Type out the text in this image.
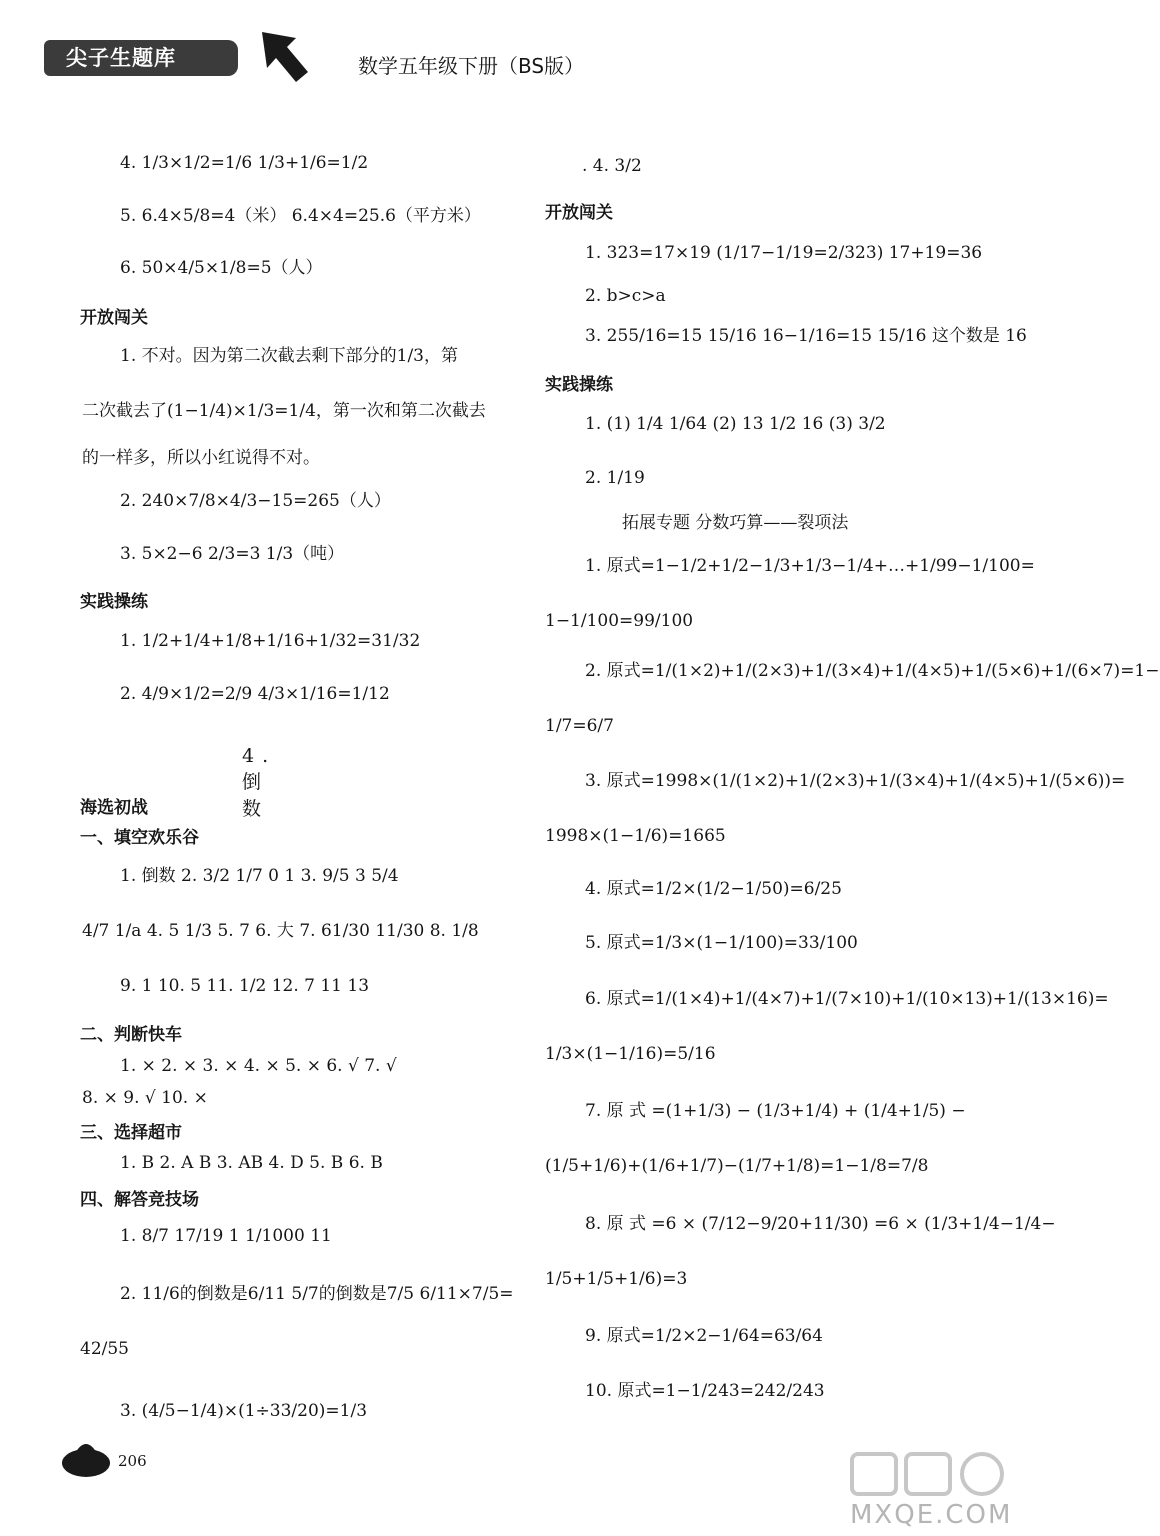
尖子生题库	数学五年级下册（BS版）
4. 1/3×1/2=1/6 1/3+1/6=1/2
5. 6.4×5/8=4（米） 6.4×4=25.6（平方米）
6. 50×4/5×1/8=5（人）
开放闯关
1. 不对。因为第二次截去剩下部分的1/3，第
二次截去了(1−1/4)×1/3=1/4，第一次和第二次截去
的一样多，所以小红说得不对。
2. 240×7/8×4/3−15=265（人）
3. 5×2−6 2/3=3 1/3（吨）
实践操练
1. 1/2+1/4+1/8+1/16+1/32=31/32
2. 4/9×1/2=2/9 4/3×1/16=1/12
4.倒 数
海选初战
一、填空欢乐谷
1. 倒数 2. 3/2 1/7 0 1 3. 9/5 3 5/4
4/7 1/a 4. 5 1/3 5. 7 6. 大 7. 61/30 11/30 8. 1/8
9. 1 10. 5 11. 1/2 12. 7 11 13
二、判断快车
1. × 2. × 3. × 4. × 5. × 6. √ 7. √
8. × 9. √ 10. ×
三、选择超市
1. B 2. A B 3. AB 4. D 5. B 6. B
四、解答竞技场
1. 8/7 17/19 1 1/1000 11
2. 11/6的倒数是6/11 5/7的倒数是7/5 6/11×7/5=
42/55
3. (4/5−1/4)×(1÷33/20)=1/3
. 4. 3/2
开放闯关
1. 323=17×19 (1/17−1/19=2/323) 17+19=36
2. b>c>a
3. 255/16=15 15/16 16−1/16=15 15/16 这个数是 16
实践操练
1. (1) 1/4 1/64 (2) 13 1/2 16 (3) 3/2
2. 1/19
拓展专题 分数巧算——裂项法
1. 原式=1−1/2+1/2−1/3+1/3−1/4+…+1/99−1/100=
1−1/100=99/100
2. 原式=1/(1×2)+1/(2×3)+1/(3×4)+1/(4×5)+1/(5×6)+1/(6×7)=1−
1/7=6/7
3. 原式=1998×(1/(1×2)+1/(2×3)+1/(3×4)+1/(4×5)+1/(5×6))=
1998×(1−1/6)=1665
4. 原式=1/2×(1/2−1/50)=6/25
5. 原式=1/3×(1−1/100)=33/100
6. 原式=1/(1×4)+1/(4×7)+1/(7×10)+1/(10×13)+1/(13×16)=
1/3×(1−1/16)=5/16
7. 原 式 =(1+1/3) − (1/3+1/4) + (1/4+1/5) −
(1/5+1/6)+(1/6+1/7)−(1/7+1/8)=1−1/8=7/8
8. 原 式 =6 × (7/12−9/20+11/30) =6 × (1/3+1/4−1/4−
1/5+1/5+1/6)=3
9. 原式=1/2×2−1/64=63/64
10. 原式=1−1/243=242/243
206
MXQE.COM
